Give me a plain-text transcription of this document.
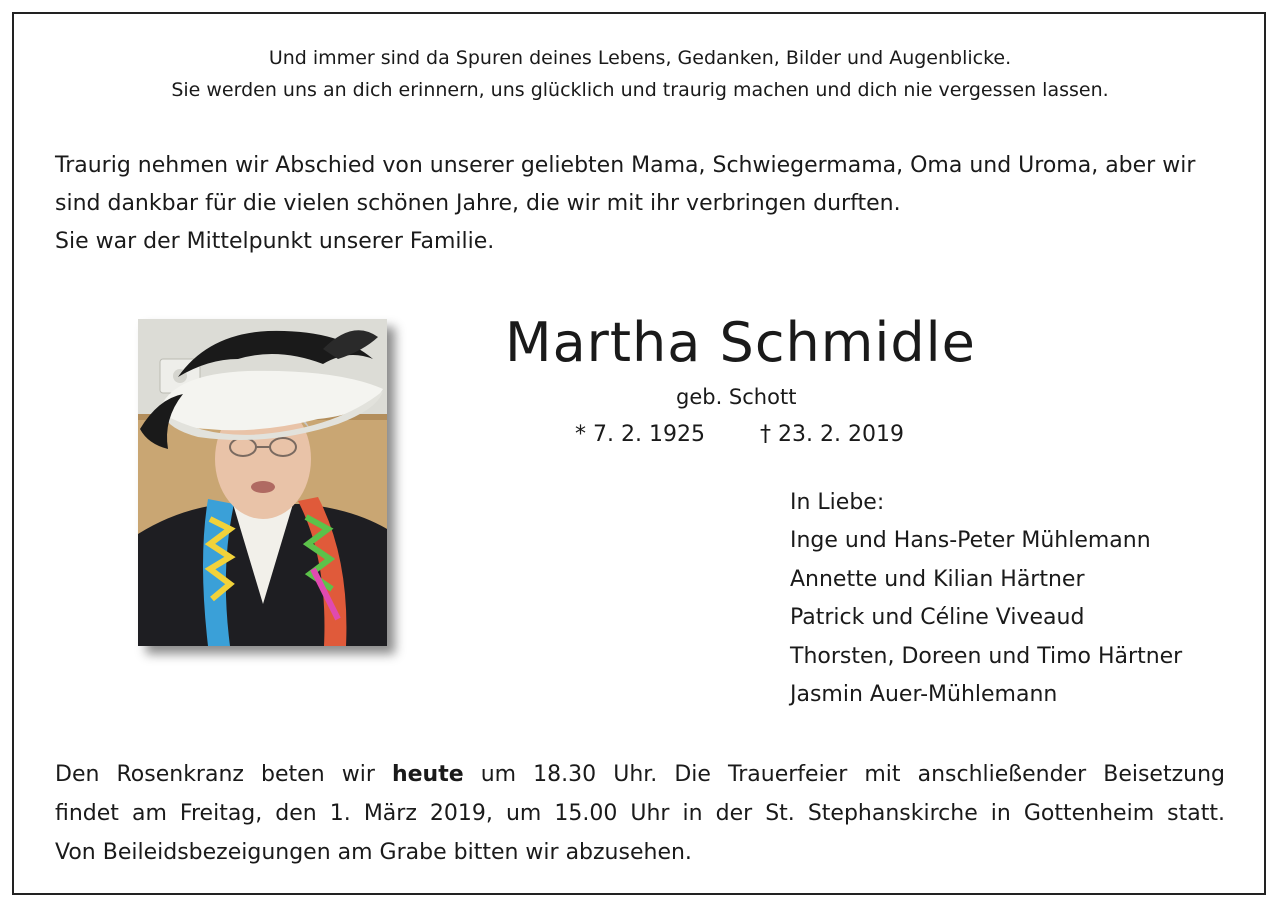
Und immer sind da Spuren deines Lebens, Gedanken, Bilder und Augenblicke.
Sie werden uns an dich erinnern, uns glücklich und traurig machen und dich nie vergessen lassen.
Traurig nehmen wir Abschied von unserer geliebten Mama, Schwiegermama, Oma und Uroma, aber wir
sind dankbar für die vielen schönen Jahre, die wir mit ihr verbringen durften.
Sie war der Mittelpunkt unserer Familie.
Martha Schmidle
geb. Schott
* 7. 2. 1925	† 23. 2. 2019
In Liebe:
Inge und Hans-Peter Mühlemann
Annette und Kilian Härtner
Patrick und Céline Viveaud
Thorsten, Doreen und Timo Härtner
Jasmin Auer-Mühlemann
Den Rosenkranz beten wir heute um 18.30 Uhr. Die Trauerfeier mit anschließender Beisetzung
findet am Freitag, den 1. März 2019, um 15.00 Uhr in der St. Stephanskirche in Gottenheim statt.
Von Beileidsbezeigungen am Grabe bitten wir abzusehen.
